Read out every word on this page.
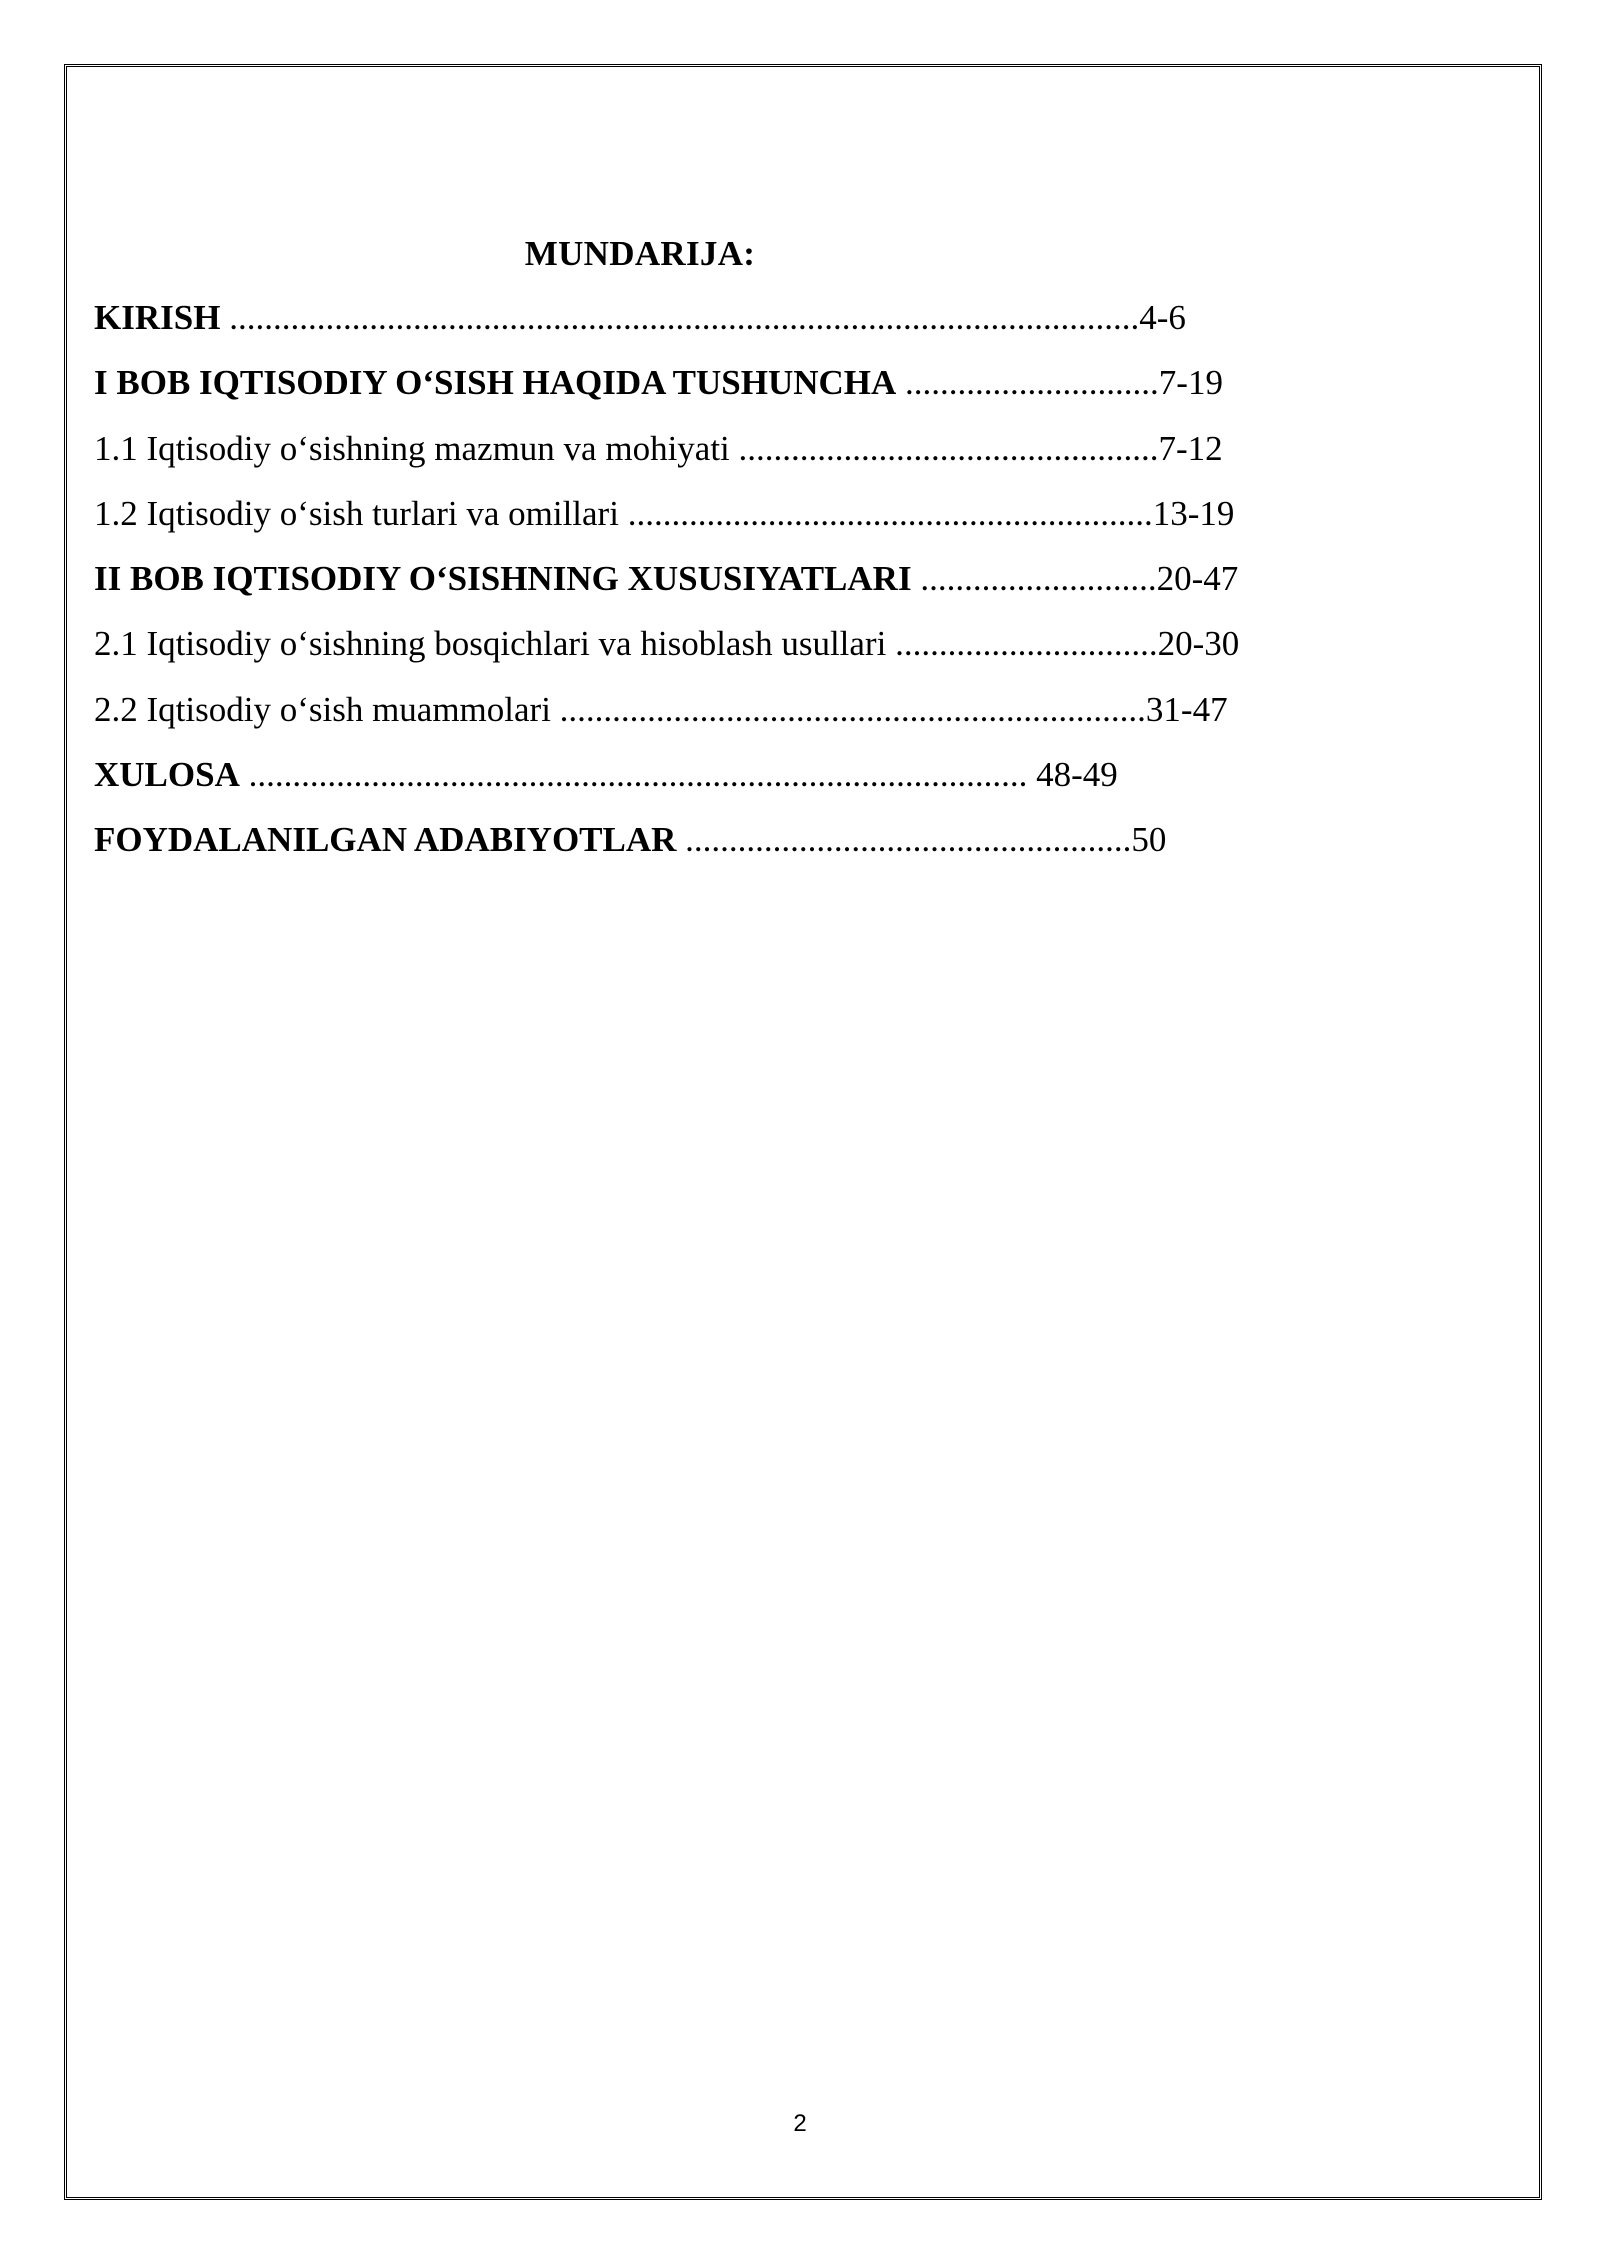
MUNDARIJA:
KIRISH ........................................................................................................4-6
I BOB IQTISODIY O‘SISH HAQIDA TUSHUNCHA .............................7-19
1.1 Iqtisodiy o‘sishning mazmun va mohiyati ................................................7-12
1.2 Iqtisodiy o‘sish turlari va omillari ............................................................13-19
II BOB IQTISODIY O‘SISHNING XUSUSIYATLARI ...........................20-47
2.1 Iqtisodiy o‘sishning bosqichlari va hisoblash usullari ..............................20-30
2.2 Iqtisodiy o‘sish muammolari ...................................................................31-47
XULOSA ......................................................................................... 48-49
FOYDALANILGAN ADABIYOTLAR ...................................................50
2
